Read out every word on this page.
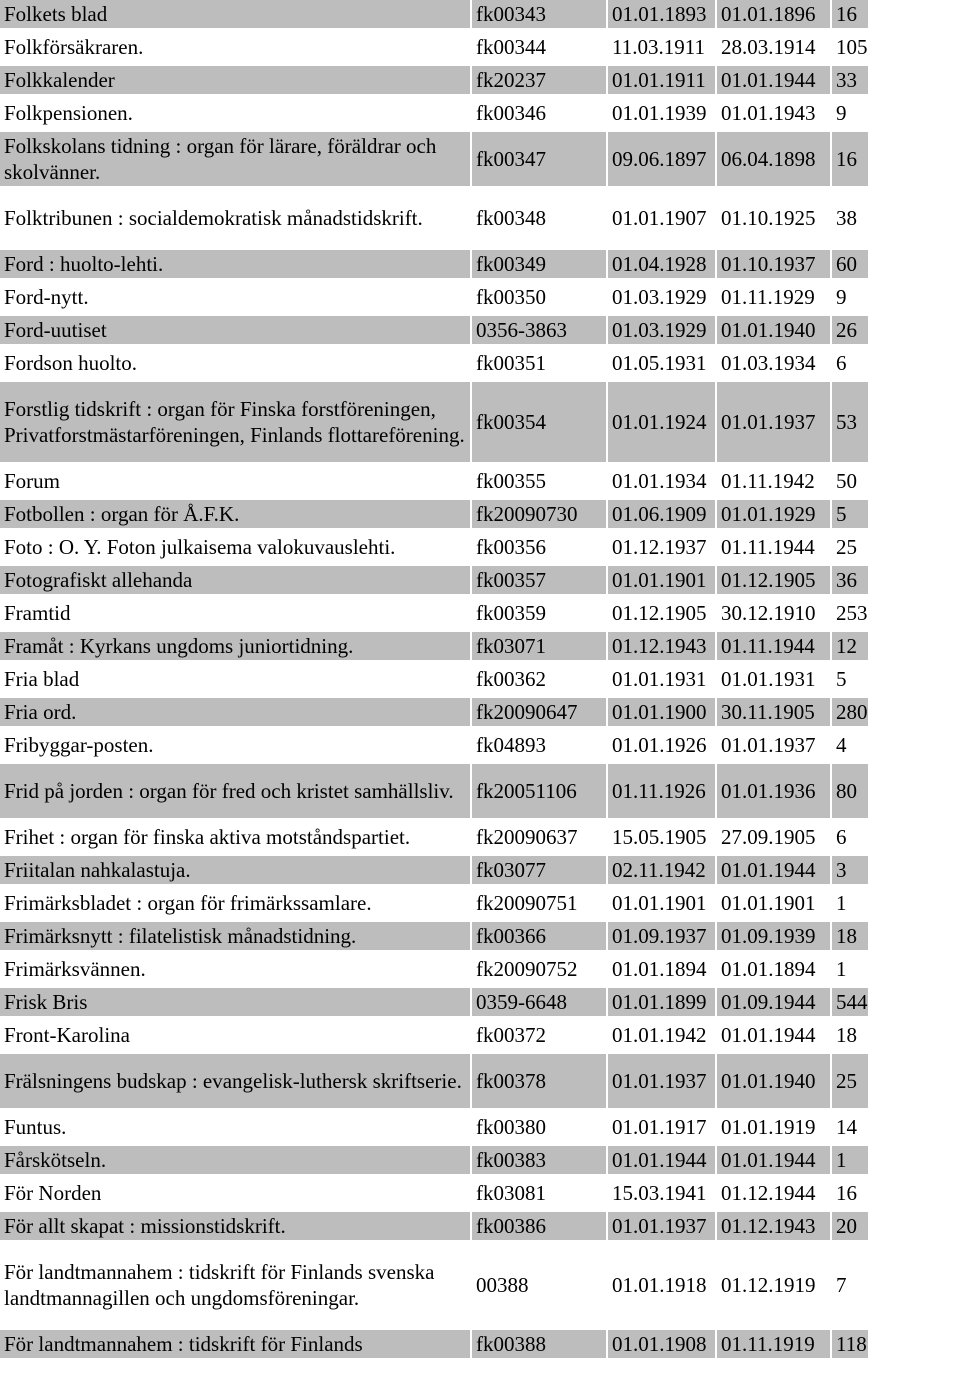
Folkets blad	fk00343	01.01.1893	01.01.1896	16
Folkförsäkraren.	fk00344	11.03.1911	28.03.1914	105
Folkkalender	fk20237	01.01.1911	01.01.1944	33
Folkpensionen.	fk00346	01.01.1939	01.01.1943	9
Folkskolans tidning : organ för lärare, föräldrar och skolvänner.	fk00347	09.06.1897	06.04.1898	16
Folktribunen : socialdemokratisk månadstidskrift.	fk00348	01.01.1907	01.10.1925	38
Ford : huolto-lehti.	fk00349	01.04.1928	01.10.1937	60
Ford-nytt.	fk00350	01.03.1929	01.11.1929	9
Ford-uutiset	0356-3863	01.03.1929	01.01.1940	26
Fordson huolto.	fk00351	01.05.1931	01.03.1934	6
Forstlig tidskrift : organ för Finska forstföreningen, Privatforstmästarföreningen, Finlands flottareförening.	fk00354	01.01.1924	01.01.1937	53
Forum	fk00355	01.01.1934	01.11.1942	50
Fotbollen : organ för Å.F.K.	fk20090730	01.06.1909	01.01.1929	5
Foto : O. Y. Foton julkaisema valokuvauslehti.	fk00356	01.12.1937	01.11.1944	25
Fotografiskt allehanda	fk00357	01.01.1901	01.12.1905	36
Framtid	fk00359	01.12.1905	30.12.1910	253
Framåt : Kyrkans ungdoms juniortidning.	fk03071	01.12.1943	01.11.1944	12
Fria blad	fk00362	01.01.1931	01.01.1931	5
Fria ord.	fk20090647	01.01.1900	30.11.1905	280
Fribyggar-posten.	fk04893	01.01.1926	01.01.1937	4
Frid på jorden : organ för fred och kristet samhällsliv.	fk20051106	01.11.1926	01.01.1936	80
Frihet : organ för finska aktiva motståndspartiet.	fk20090637	15.05.1905	27.09.1905	6
Friitalan nahkalastuja.	fk03077	02.11.1942	01.01.1944	3
Frimärksbladet : organ för frimärkssamlare.	fk20090751	01.01.1901	01.01.1901	1
Frimärksnytt : filatelistisk månadstidning.	fk00366	01.09.1937	01.09.1939	18
Frimärksvännen.	fk20090752	01.01.1894	01.01.1894	1
Frisk Bris	0359-6648	01.01.1899	01.09.1944	544
Front-Karolina	fk00372	01.01.1942	01.01.1944	18
Frälsningens budskap : evangelisk-luthersk skriftserie.	fk00378	01.01.1937	01.01.1940	25
Funtus.	fk00380	01.01.1917	01.01.1919	14
Fårskötseln.	fk00383	01.01.1944	01.01.1944	1
För Norden	fk03081	15.03.1941	01.12.1944	16
För allt skapat : missionstidskrift.	fk00386	01.01.1937	01.12.1943	20
För landtmannahem : tidskrift för Finlands svenska landtmannagillen och ungdomsföreningar.	00388	01.01.1918	01.12.1919	7
För landtmannahem : tidskrift för Finlands	fk00388	01.01.1908	01.11.1919	118
